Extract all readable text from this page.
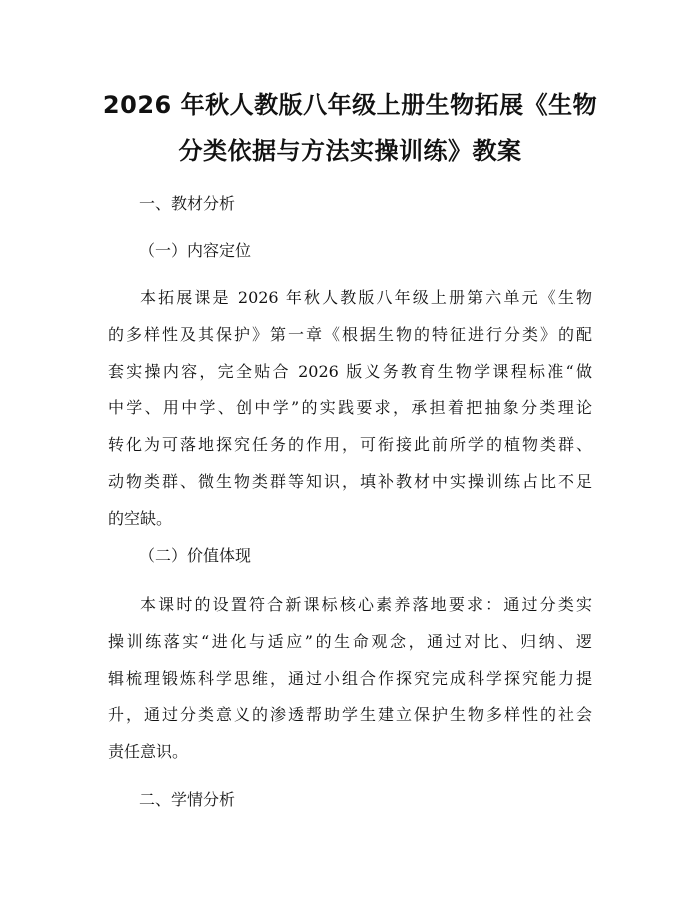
2026 年秋人教版八年级上册生物拓展《生物
分类依据与方法实操训练》教案
一、教材分析
（一）内容定位
本拓展课是 2026 年秋人教版八年级上册第六单元《生物
的多样性及其保护》第一章《根据生物的特征进行分类》的配
套实操内容，完全贴合 2026 版义务教育生物学课程标准“做
中学、用中学、创中学”的实践要求，承担着把抽象分类理论
转化为可落地探究任务的作用，可衔接此前所学的植物类群、
动物类群、微生物类群等知识，填补教材中实操训练占比不足
的空缺。
（二）价值体现
本课时的设置符合新课标核心素养落地要求：通过分类实
操训练落实“进化与适应”的生命观念，通过对比、归纳、逻
辑梳理锻炼科学思维，通过小组合作探究完成科学探究能力提
升，通过分类意义的渗透帮助学生建立保护生物多样性的社会
责任意识。
二、学情分析
